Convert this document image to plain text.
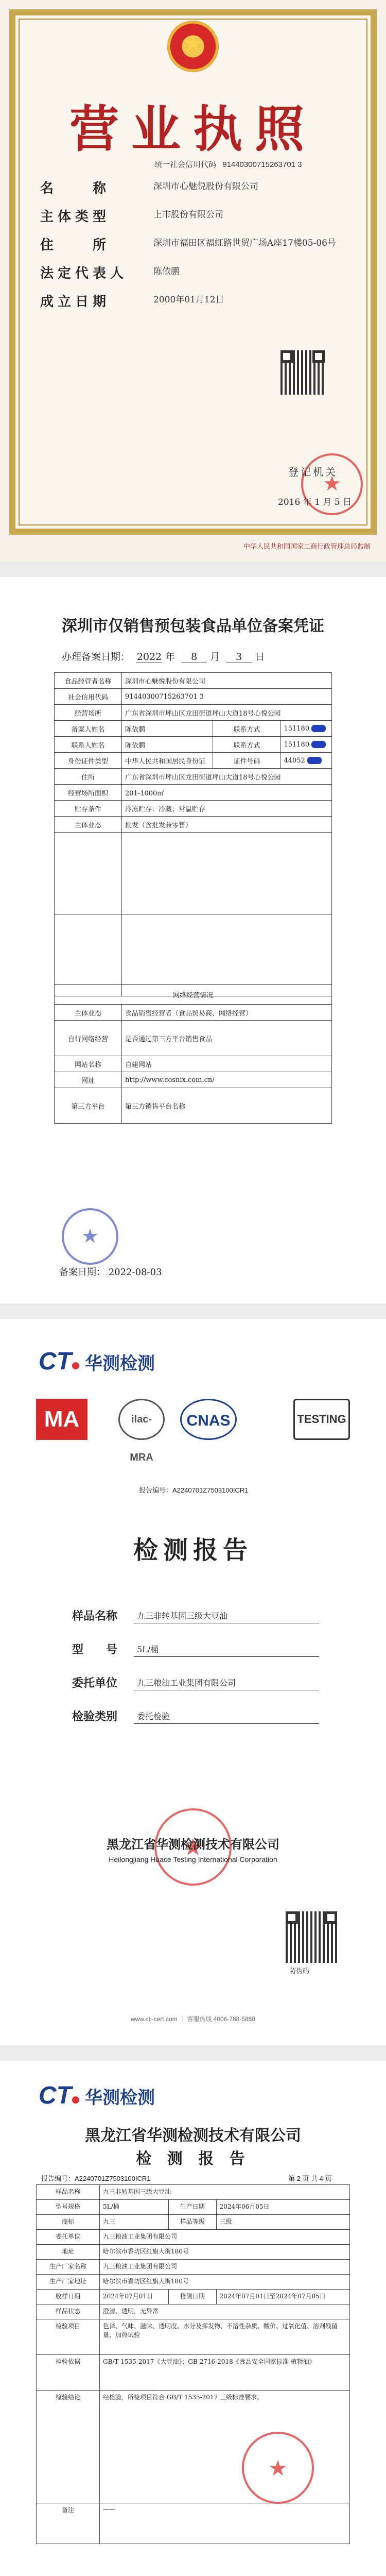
★
营业执照
统一社会信用代码 91440300715263701 3
名　　称	深圳市心魅悦股份有限公司
主体类型	上市股份有限公司
住　　所	深圳市福田区福虹路世贸广场A座17楼05-06号
法定代表人	陈依鹏
成立日期	2000年01月12日
★
登记机关
2016 年 1 月 5 日
中华人民共和国国家工商行政管理总局监制
深圳市仅销售预包装食品单位备案凭证
办理备案日期： 2022 年 8 月 3 日
食品经营者名称	深圳市心魅悦股份有限公司		
社会信用代码	91440300715263701 3		
经营场所	广东省深圳市坪山区龙田街道坪山大道18号心悦公园		
备案人姓名	陈依鹏	联系方式	151180
联系人姓名	陈依鹏	联系方式	151180
身份证件类型	中华人民共和国居民身份证	证件号码	44052
住所	广东省深圳市坪山区龙田街道坪山大道18号心悦公园		
经营场所面积	201-1000㎡		
贮存条件	冷冻贮存：冷藏；常温贮存		
主体业态	批发（含批发兼零售）		

网络经营情况	
主体业态	食品销售经营者（食品贸易商、网络经营）
自行网络经营	是否通过第三方平台销售食品
网站名称	自建网站
网址	http://www.cosnix.com.cn/
第三方平台	第三方销售平台名称
★
备案日期： 2022-08-03
CT 华测检测
MA	ilac-MRA
CNAS	TESTING
报告编号：A2240701Z7503100ICR1
检测报告
样品名称	九三非转基因三级大豆油
型　　号	5L/桶
委托单位	九三粮油工业集团有限公司
检验类别	委托检验
★
黑龙江省华测检测技术有限公司
Heilongjiang Huace Testing International Corporation
防伪码
www.cti-cert.com ｜ 客服热线 4006-788-5888
CT 华测检测
黑龙江省华测检测技术有限公司
检 测 报 告
报告编号：A2240701Z7503100ICR1	第 2 页 共 4 页
样品名称	九三非转基因三级大豆油		
型号规格	5L/桶	生产日期	2024年06月05日
商标	九三	样品等级	三级
委托单位	九三粮油工业集团有限公司		
地址	哈尔滨市香坊区红旗大街180号		
生产厂家名称	九三粮油工业集团有限公司		
生产厂家地址	哈尔滨市香坊区红旗大街180号		
收样日期	2024年07月01日	检测日期	2024年07月01日至2024年07月05日
样品状态	澄清、透明，无异常		
检验项目	色泽、气味、滋味、透明度、水分及挥发物、不溶性杂质、酸价、过氧化值、溶剂残留量、加热试验		
检验依据	GB/T 1535-2017《大豆油》；GB 2716-2018《食品安全国家标准 植物油》		
检验结论	经检验，所检项目符合 GB/T 1535-2017 三级标准要求。		
备注	——		
★
